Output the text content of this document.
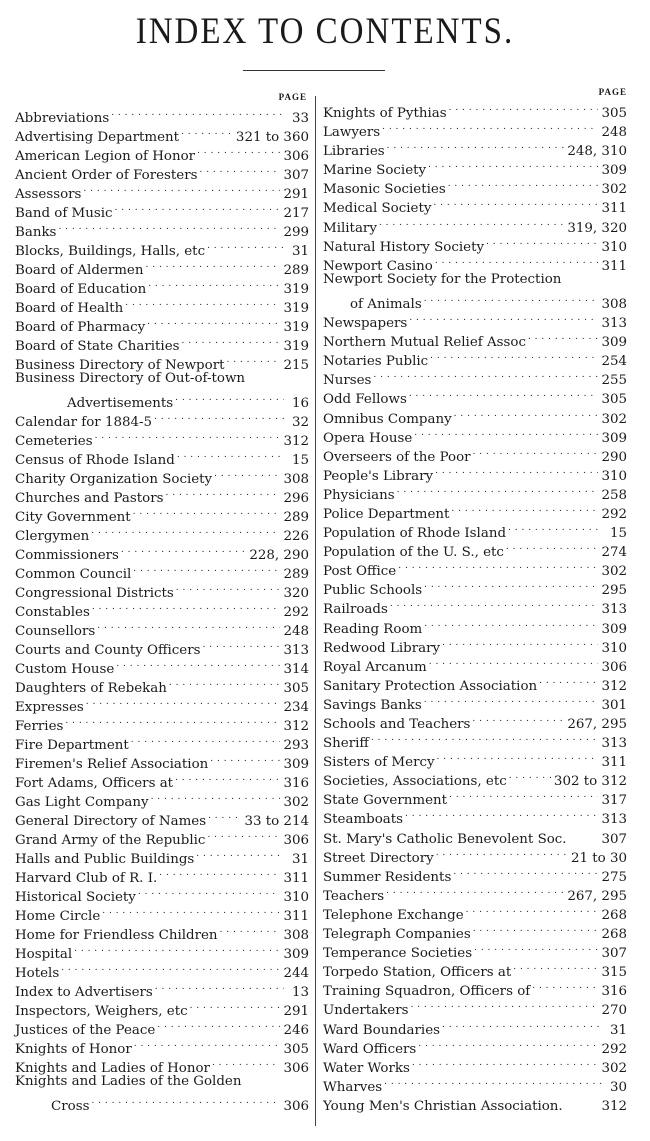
INDEX TO CONTENTS.
PAGE
Abbreviations . . .	33
Advertising Department . . .	321 to 360
American Legion of Honor . . .	306
Ancient Order of Foresters . . .	307
Assessors . . .	291
Band of Music . . .	217
Banks . . .	299
Blocks, Buildings, Halls, etc . . .	31
Board of Aldermen . . .	289
Board of Education . . .	319
Board of Health . . .	319
Board of Pharmacy . . .	319
Board of State Charities . . .	319
Business Directory of Newport . . .	215
Business Directory of Out-of-town
Advertisements . . .	16
Calendar for 1884-5 . . .	32
Cemeteries . . .	312
Census of Rhode Island . . .	15
Charity Organization Society . . .	308
Churches and Pastors . . .	296
City Government . . .	289
Clergymen . . .	226
Commissioners . . .	228, 290
Common Council . . .	289
Congressional Districts . . .	320
Constables . . .	292
Counsellors . . .	248
Courts and County Officers . . .	313
Custom House . . .	314
Daughters of Rebekah . . .	305
Expresses . . .	234
Ferries . . .	312
Fire Department . . .	293
Firemen's Relief Association . . .	309
Fort Adams, Officers at . . .	316
Gas Light Company . . .	302
General Directory of Names . . .	33 to 214
Grand Army of the Republic . . .	306
Halls and Public Buildings . . .	31
Harvard Club of R. I. . . .	311
Historical Society . . .	310
Home Circle . . .	311
Home for Friendless Children . . .	308
Hospital . . .	309
Hotels . . .	244
Index to Advertisers . . .	13
Inspectors, Weighers, etc . . .	291
Justices of the Peace . . .	246
Knights of Honor . . .	305
Knights and Ladies of Honor . . .	306
Knights and Ladies of the Golden
Cross . . .	306
PAGE
Knights of Pythias . . .	305
Lawyers . . .	248
Libraries . . .	248, 310
Marine Society . . .	309
Masonic Societies . . .	302
Medical Society . . .	311
Military . . .	319, 320
Natural History Society . . .	310
Newport Casino . . .	311
Newport Society for the Protection
of Animals . . .	308
Newspapers . . .	313
Northern Mutual Relief Assoc . . .	309
Notaries Public . . .	254
Nurses . . .	255
Odd Fellows . . .	305
Omnibus Company . . .	302
Opera House . . .	309
Overseers of the Poor . . .	290
People's Library . . .	310
Physicians . . .	258
Police Department . . .	292
Population of Rhode Island . . .	15
Population of the U. S., etc . . .	274
Post Office . . .	302
Public Schools . . .	295
Railroads . . .	313
Reading Room . . .	309
Redwood Library . . .	310
Royal Arcanum . . .	306
Sanitary Protection Association . . .	312
Savings Banks . . .	301
Schools and Teachers . . .	267, 295
Sheriff . . .	313
Sisters of Mercy . . .	311
Societies, Associations, etc . . .	302 to 312
State Government . . .	317
Steamboats . . .	313
St. Mary's Catholic Benevolent Soc.	307
Street Directory . . .	21 to 30
Summer Residents . . .	275
Teachers . . .	267, 295
Telephone Exchange . . .	268
Telegraph Companies . . .	268
Temperance Societies . . .	307
Torpedo Station, Officers at . . .	315
Training Squadron, Officers of . . .	316
Undertakers . . .	270
Ward Boundaries . . .	31
Ward Officers . . .	292
Water Works . . .	302
Wharves . . .	30
Young Men's Christian Association.	312
